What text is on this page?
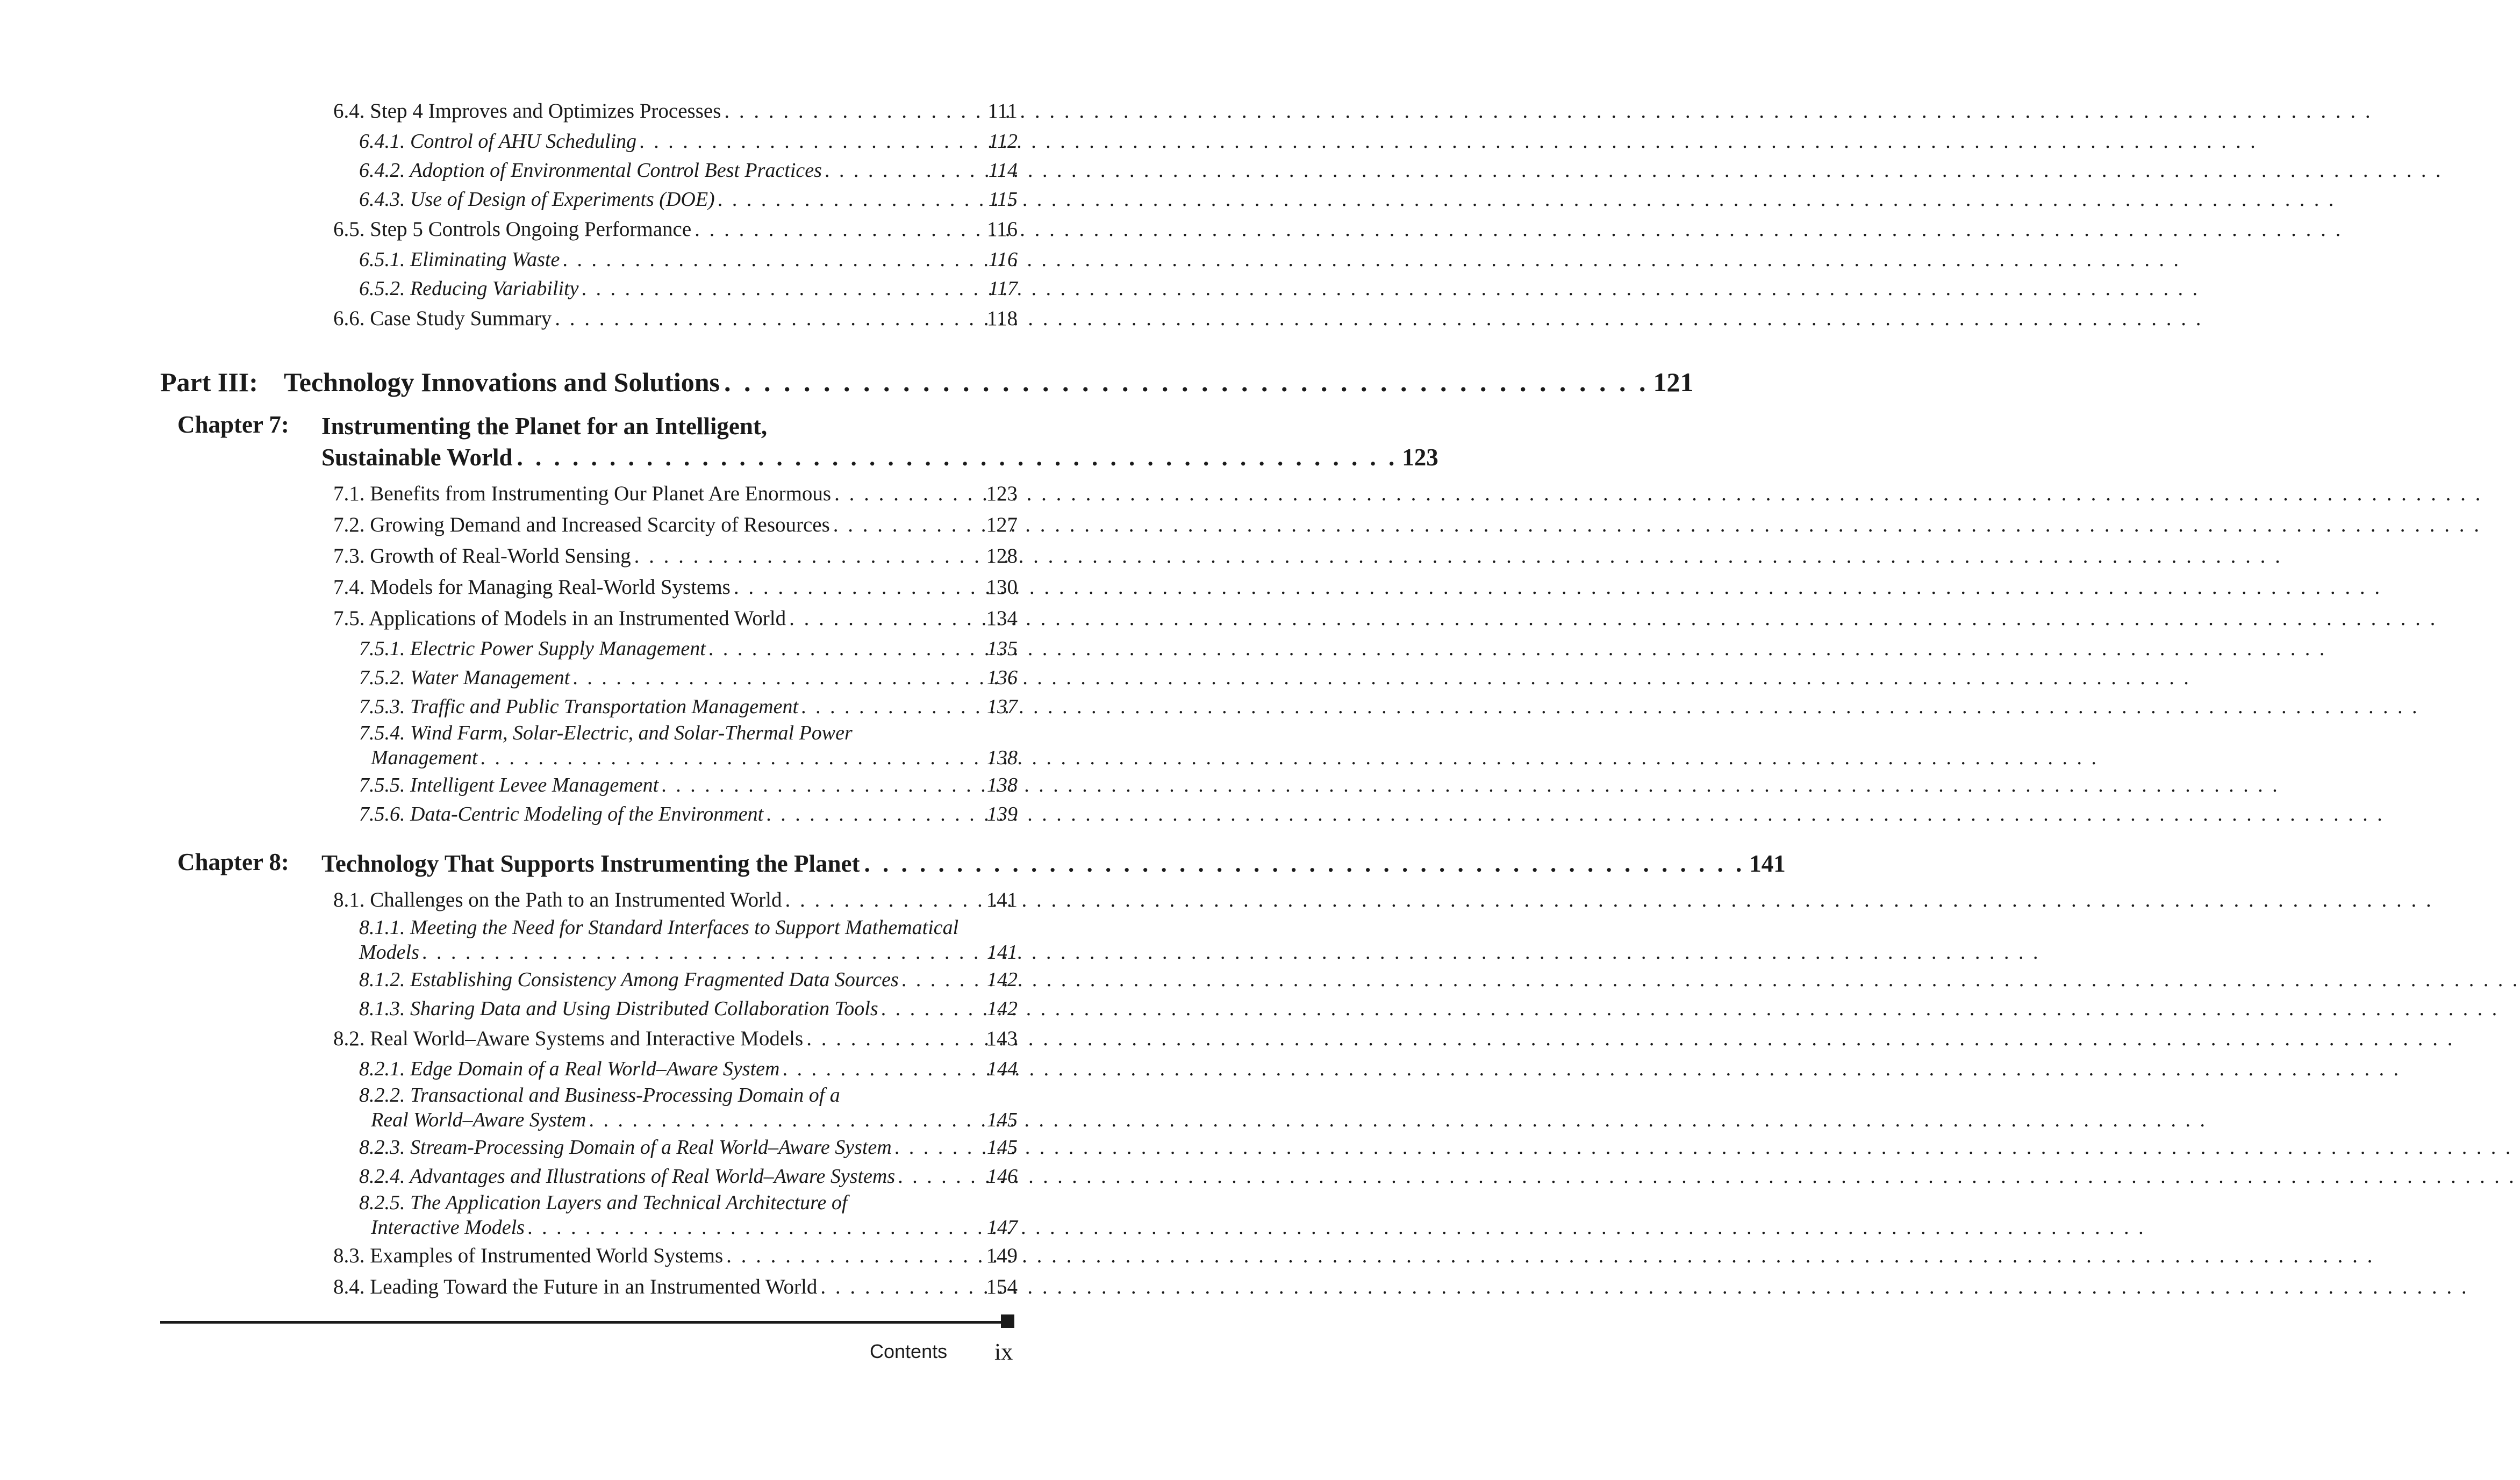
6.4. Step 4 Improves and Optimizes Processes . . .	111
6.4.1. Control of AHU Scheduling . . .	112
6.4.2. Adoption of Environmental Control Best Practices . . .	114
6.4.3. Use of Design of Experiments (DOE) . . .	115
6.5. Step 5 Controls Ongoing Performance . . .	116
6.5.1. Eliminating Waste . . .	116
6.5.2. Reducing Variability . . .	117
6.6. Case Study Summary . . .	118
Part III: Technology Innovations and Solutions . . .	121
Chapter 7:	Instrumenting the Planet for an Intelligent,
Sustainable World . . .	123
7.1. Benefits from Instrumenting Our Planet Are Enormous . . .	123
7.2. Growing Demand and Increased Scarcity of Resources . . .	127
7.3. Growth of Real-World Sensing . . .	128
7.4. Models for Managing Real-World Systems . . .	130
7.5. Applications of Models in an Instrumented World . . .	134
7.5.1. Electric Power Supply Management . . .	135
7.5.2. Water Management . . .	136
7.5.3. Traffic and Public Transportation Management . . .	137
7.5.4. Wind Farm, Solar-Electric, and Solar-Thermal Power
Management . . .	138
7.5.5. Intelligent Levee Management . . .	138
7.5.6. Data-Centric Modeling of the Environment . . .	139
Chapter 8:	Technology That Supports Instrumenting the Planet . . .	141
8.1. Challenges on the Path to an Instrumented World . . .	141
8.1.1. Meeting the Need for Standard Interfaces to Support Mathematical
Models . . .	141
8.1.2. Establishing Consistency Among Fragmented Data Sources . . .	142
8.1.3. Sharing Data and Using Distributed Collaboration Tools . . .	142
8.2. Real World–Aware Systems and Interactive Models . . .	143
8.2.1. Edge Domain of a Real World–Aware System . . .	144
8.2.2. Transactional and Business-Processing Domain of a
Real World–Aware System . . .	145
8.2.3. Stream-Processing Domain of a Real World–Aware System . . .	145
8.2.4. Advantages and Illustrations of Real World–Aware Systems . . .	146
8.2.5. The Application Layers and Technical Architecture of
Interactive Models . . .	147
8.3. Examples of Instrumented World Systems . . .	149
8.4. Leading Toward the Future in an Instrumented World . . .	154
Contents ix
